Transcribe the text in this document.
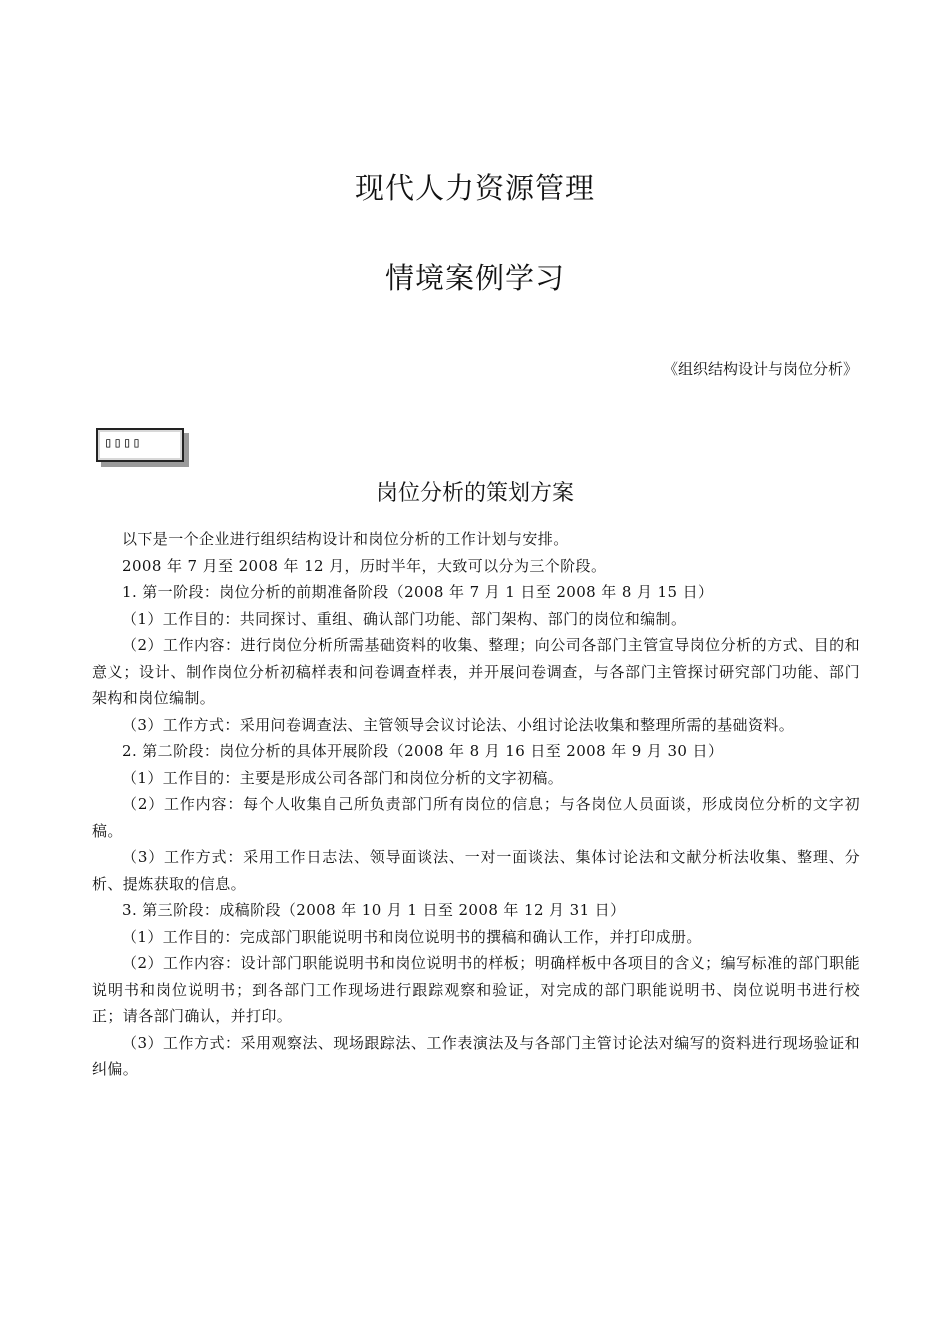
现代人力资源管理
情境案例学习
《组织结构设计与岗位分析》
▯▯▯▯
岗位分析的策划方案

以下是一个企业进行组织结构设计和岗位分析的工作计划与安排。

2008 年 7 月至 2008 年 12 月，历时半年，大致可以分为三个阶段。

1. 第一阶段：岗位分析的前期准备阶段（2008 年 7 月 1 日至 2008 年 8 月 15 日）

（1）工作目的：共同探讨、重组、确认部门功能、部门架构、部门的岗位和编制。

（2）工作内容：进行岗位分析所需基础资料的收集、整理；向公司各部门主管宣导岗位分析的方式、目的和意义；设计、制作岗位分析初稿样表和问卷调查样表，并开展问卷调查，与各部门主管探讨研究部门功能、部门架构和岗位编制。

（3）工作方式：采用问卷调查法、主管领导会议讨论法、小组讨论法收集和整理所需的基础资料。

2. 第二阶段：岗位分析的具体开展阶段（2008 年 8 月 16 日至 2008 年 9 月 30 日）

（1）工作目的：主要是形成公司各部门和岗位分析的文字初稿。

（2）工作内容：每个人收集自己所负责部门所有岗位的信息；与各岗位人员面谈，形成岗位分析的文字初稿。

（3）工作方式：采用工作日志法、领导面谈法、一对一面谈法、集体讨论法和文献分析法收集、整理、分析、提炼获取的信息。

3. 第三阶段：成稿阶段（2008 年 10 月 1 日至 2008 年 12 月 31 日）

（1）工作目的：完成部门职能说明书和岗位说明书的撰稿和确认工作，并打印成册。

（2）工作内容：设计部门职能说明书和岗位说明书的样板；明确样板中各项目的含义；编写标准的部门职能说明书和岗位说明书；到各部门工作现场进行跟踪观察和验证，对完成的部门职能说明书、岗位说明书进行校正；请各部门确认，并打印。

（3）工作方式：采用观察法、现场跟踪法、工作表演法及与各部门主管讨论法对编写的资料进行现场验证和纠偏。
